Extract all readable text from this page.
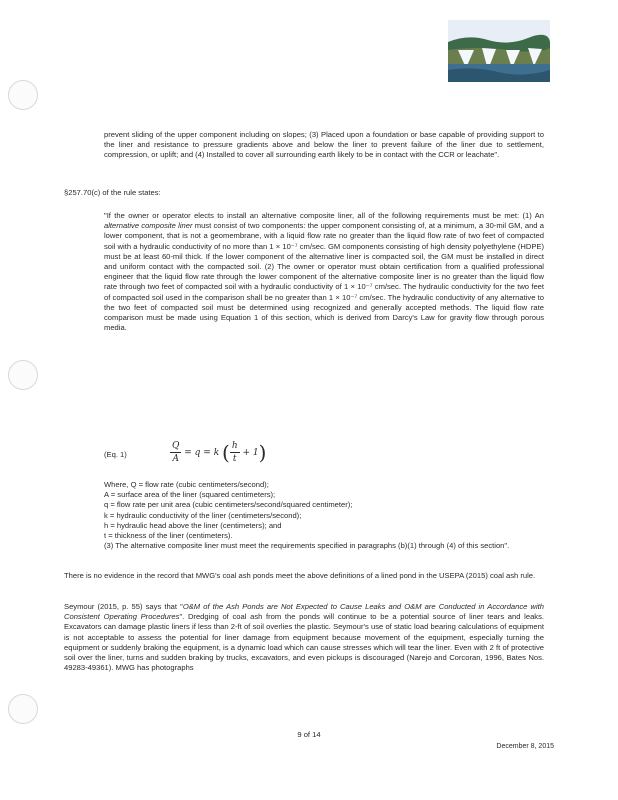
prevent sliding of the upper component including on slopes; (3) Placed upon a foundation or base capable of providing support to the liner and resistance to pressure gradients above and below the liner to prevent failure of the liner due to settlement, compression, or uplift; and (4) Installed to cover all surrounding earth likely to be in contact with the CCR or leachate".

§257.70(c) of the rule states:

"If the owner or operator elects to install an alternative composite liner, all of the following requirements must be met: (1) An alternative composite liner must consist of two components: the upper component consisting of, at a minimum, a 30-mil GM, and a lower component, that is not a geomembrane, with a liquid flow rate no greater than the liquid flow rate of two feet of compacted soil with a hydraulic conductivity of no more than 1 × 10⁻⁷ cm/sec. GM components consisting of high density polyethylene (HDPE) must be at least 60-mil thick. If the lower component of the alternative liner is compacted soil, the GM must be installed in direct and uniform contact with the compacted soil. (2) The owner or operator must obtain certification from a qualified professional engineer that the liquid flow rate through the lower component of the alternative composite liner is no greater than the liquid flow rate through two feet of compacted soil with a hydraulic conductivity of 1 × 10⁻⁷ cm/sec. The hydraulic conductivity for the two feet of compacted soil used in the comparison shall be no greater than 1 × 10⁻⁷ cm/sec. The hydraulic conductivity of any alternative to the two feet of compacted soil must be determined using recognized and generally accepted methods. The liquid flow rate comparison must be made using Equation 1 of this section, which is derived from Darcy's Law for gravity flow through porous media.

(Eq. 1)	$\frac{Q}{A} = q = k$ ( $\frac{h}{t} + 1$)

Where, Q = flow rate (cubic centimeters/second);

A = surface area of the liner (squared centimeters);

q = flow rate per unit area (cubic centimeters/second/squared centimeter);

k = hydraulic conductivity of the liner (centimeters/second);

h = hydraulic head above the liner (centimeters); and

t = thickness of the liner (centimeters).

(3) The alternative composite liner must meet the requirements specified in paragraphs (b)(1) through (4) of this section".

There is no evidence in the record that MWG's coal ash ponds meet the above definitions of a lined pond in the USEPA (2015) coal ash rule.

Seymour (2015, p. 55) says that "O&M of the Ash Ponds are Not Expected to Cause Leaks and O&M are Conducted in Accordance with Consistent Operating Procedures". Dredging of coal ash from the ponds will continue to be a potential source of liner tears and leaks. Excavators can damage plastic liners if less than 2-ft of soil overlies the plastic. Seymour's use of static load bearing calculations of equipment is not acceptable to assess the potential for liner damage from equipment because movement of the equipment, especially turning the equipment or suddenly braking the equipment, is a dynamic load which can cause stresses which will tear the liner. Even with 2 ft of protective soil over the liner, turns and sudden braking by trucks, excavators, and even pickups is discouraged (Narejo and Corcoran, 1996, Bates Nos. 49283-49361). MWG has photographs

9 of 14
December 8, 2015
